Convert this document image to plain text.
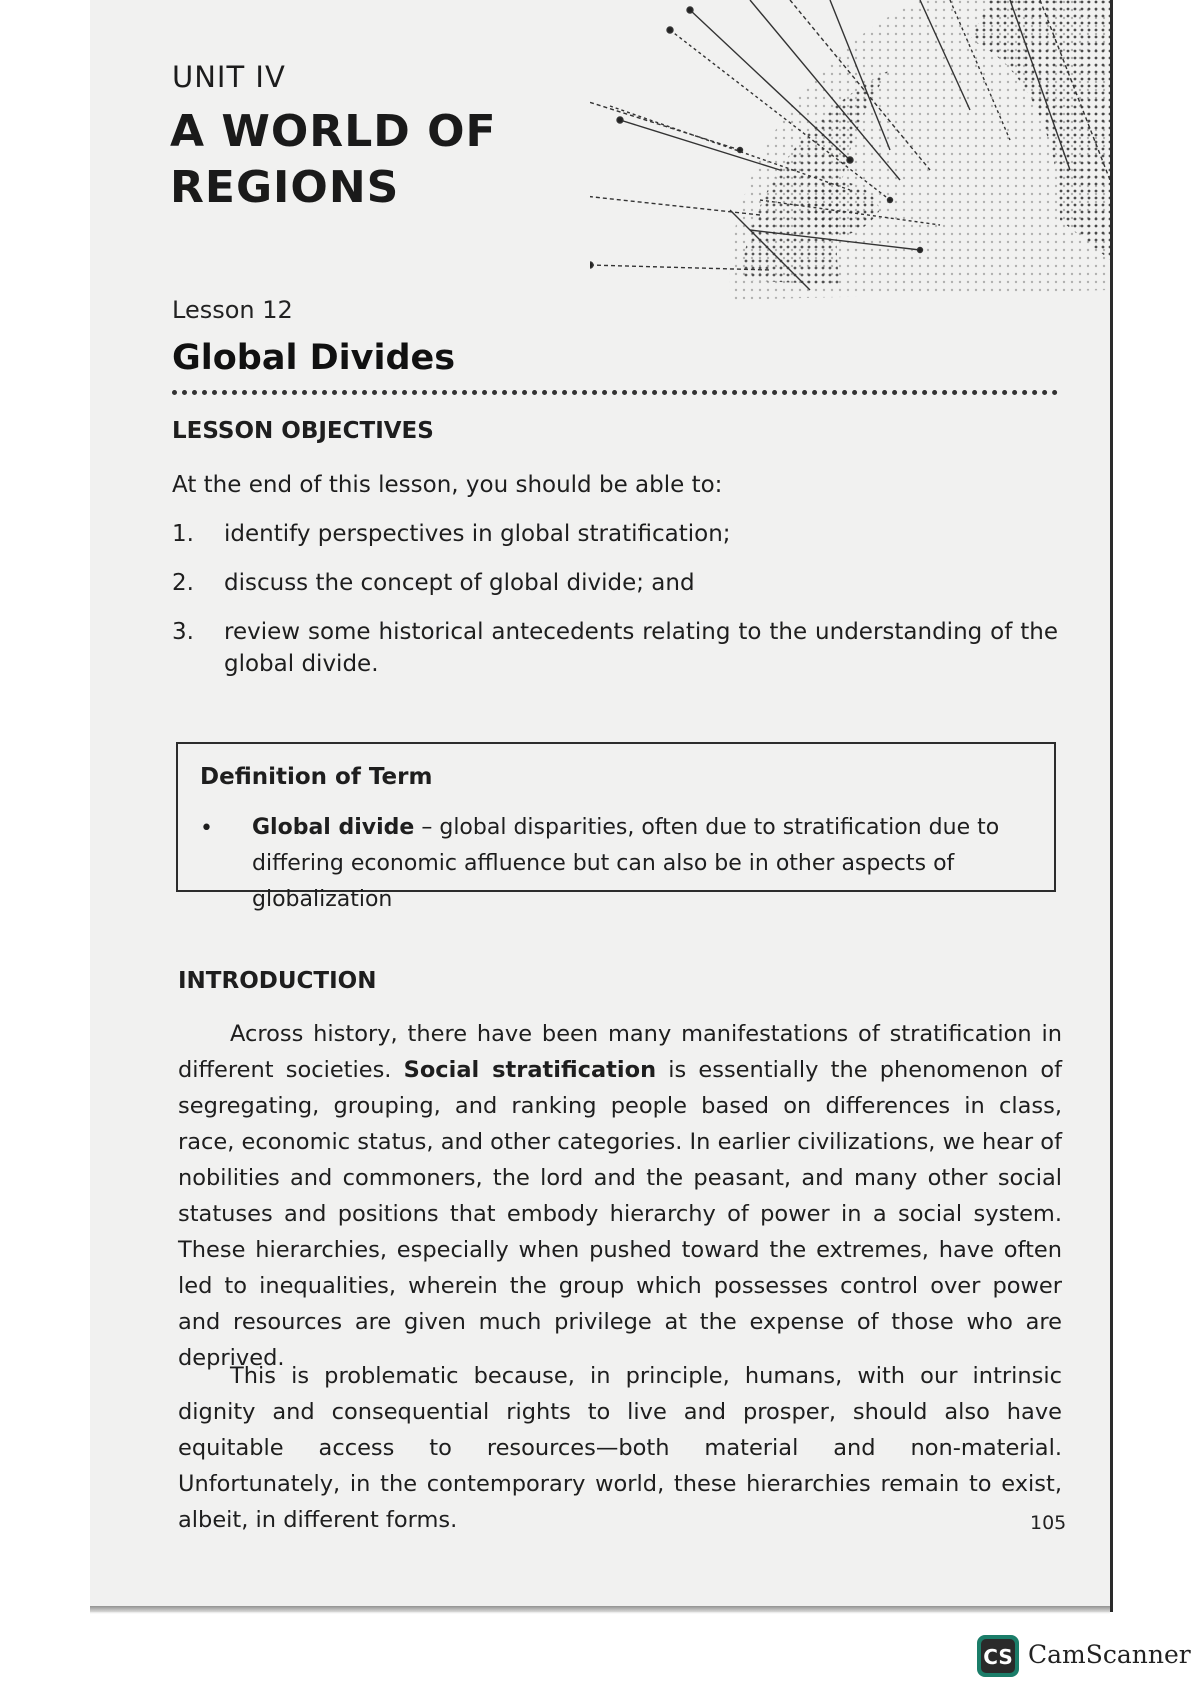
UNIT IV
A WORLD OF REGIONS
Lesson 12
Global Divides
LESSON OBJECTIVES
At the end of this lesson, you should be able to:
1. identify perspectives in global stratification;
2. discuss the concept of global divide; and
3. review some historical antecedents relating to the understanding of the global divide.
Definition of Term
• Global divide – global disparities, often due to stratification due to differing economic affluence but can also be in other aspects of globalization
INTRODUCTION

Across history, there have been many manifestations of stratification in different societies. Social stratification is essentially the phenomenon of segregating, grouping, and ranking people based on differences in class, race, economic status, and other categories. In earlier civilizations, we hear of nobilities and commoners, the lord and the peasant, and many other social statuses and positions that embody hierarchy of power in a social system. These hierarchies, especially when pushed toward the extremes, have often led to inequalities, wherein the group which possesses control over power and resources are given much privilege at the expense of those who are deprived.

This is problematic because, in principle, humans, with our intrinsic dignity and consequential rights to live and prosper, should also have equitable access to resources—both material and non-material. Unfortunately, in the contemporary world, these hierarchies remain to exist, albeit, in different forms.	105
CS CamScanner
